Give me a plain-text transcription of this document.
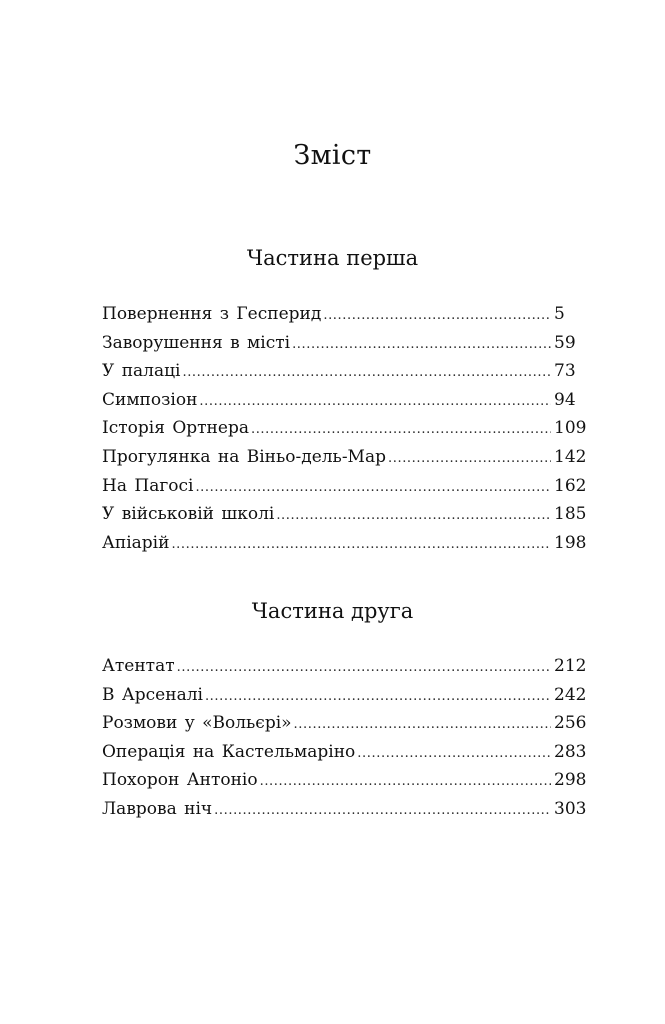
Зміст
Частина перша
Повернення з Гесперид .....	5
Заворушення в місті .....	59
У палаці .....	73
Симпозіон .....	94
Історія Ортнера .....	109
Прогулянка на Віньо-дель-Мар .....	142
На Пагосі .....	162
У військовій школі .....	185
Апіарій .....	198
Частина друга
Атентат .....	212
В Арсеналі .....	242
Розмови у «Вольєрі» .....	256
Операція на Кастельмаріно .....	283
Похорон Антоніо .....	298
Лаврова ніч .....	303
